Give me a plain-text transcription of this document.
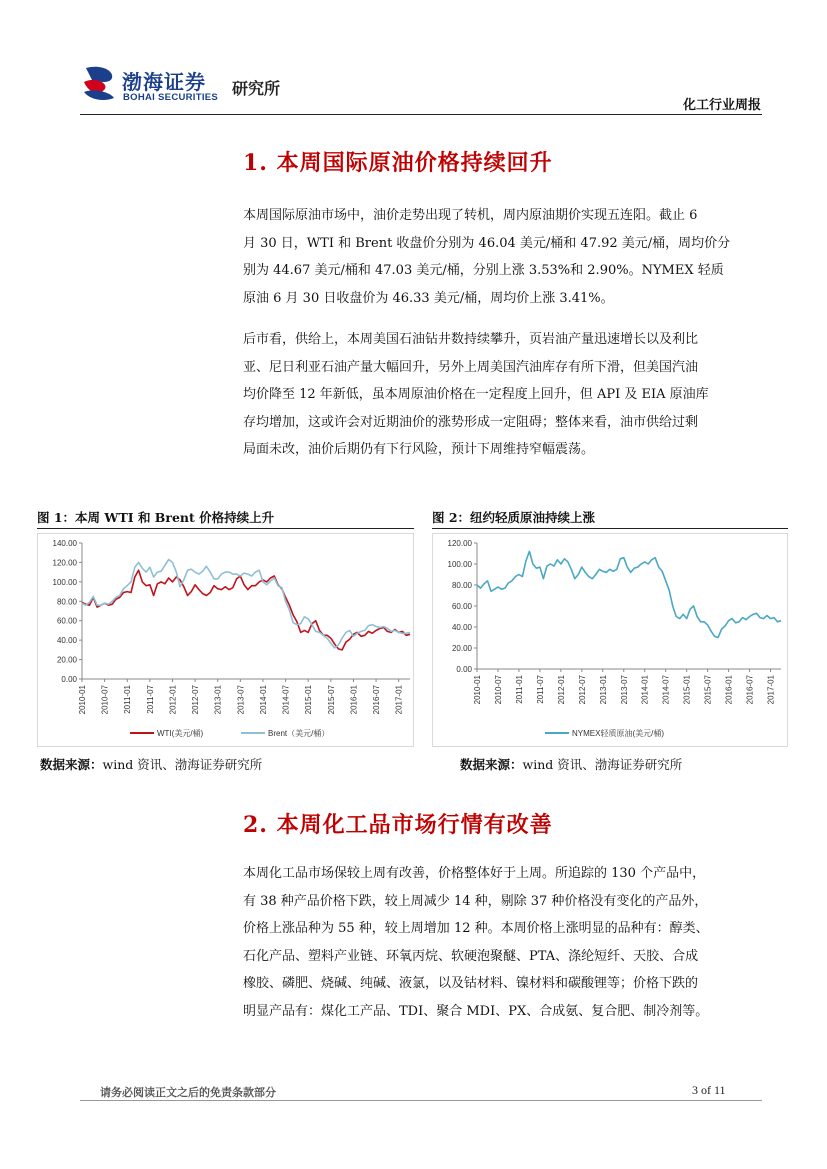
渤海证券
BOHAI SECURITIES 研究所
化工行业周报
1. 本周国际原油价格持续回升
本周国际原油市场中，油价走势出现了转机，周内原油期价实现五连阳。截止 6
月 30 日，WTI 和 Brent 收盘价分别为 46.04 美元/桶和 47.92 美元/桶，周均价分
别为 44.67 美元/桶和 47.03 美元/桶，分别上涨 3.53%和 2.90%。NYMEX 轻质
原油 6 月 30 日收盘价为 46.33 美元/桶，周均价上涨 3.41%。
后市看，供给上，本周美国石油钻井数持续攀升，页岩油产量迅速增长以及利比
亚、尼日利亚石油产量大幅回升，另外上周美国汽油库存有所下滑，但美国汽油
均价降至 12 年新低，虽本周原油价格在一定程度上回升，但 API 及 EIA 原油库
存均增加，这或许会对近期油价的涨势形成一定阻碍；整体来看，油市供给过剩
局面未改，油价后期仍有下行风险，预计下周维持窄幅震荡。
图 1：本周 WTI 和 Brent 价格持续上升	图 2：纽约轻质原油持续上涨
0.00
20.00
40.00
60.00
80.00
100.00
120.00
140.00
2010-01 2010-07 2011-01 2011-07 2012-01 2012-07 2013-01 2013-07 2014-01 2014-07 2015-01 2015-07 2016-01 2016-07 2017-01
WTI(美元/桶)	Brent（美元/桶）
0.00
20.00
40.00
60.00
80.00
100.00
120.00
2010-01 2010-07 2011-01 2011-07 2012-01 2012-07 2013-01 2013-07 2014-01 2014-07 2015-01 2015-07 2016-01 2016-07 2017-01
NYMEX轻质原油(美元/桶)
数据来源：wind 资讯、渤海证券研究所	数据来源：wind 资讯、渤海证券研究所
2. 本周化工品市场行情有改善
本周化工品市场保较上周有改善，价格整体好于上周。所追踪的 130 个产品中，
有 38 种产品价格下跌，较上周减少 14 种，剔除 37 种价格没有变化的产品外，
价格上涨品种为 55 种，较上周增加 12 种。本周价格上涨明显的品种有：醇类、
石化产品、塑料产业链、环氧丙烷、软硬泡聚醚、PTA、涤纶短纤、天胶、合成
橡胶、磷肥、烧碱、纯碱、液氯，以及钴材料、镍材料和碳酸锂等；价格下跌的
明显产品有：煤化工产品、TDI、聚合 MDI、PX、合成氨、复合肥、制冷剂等。
请务必阅读正文之后的免责条款部分	3 of 11
